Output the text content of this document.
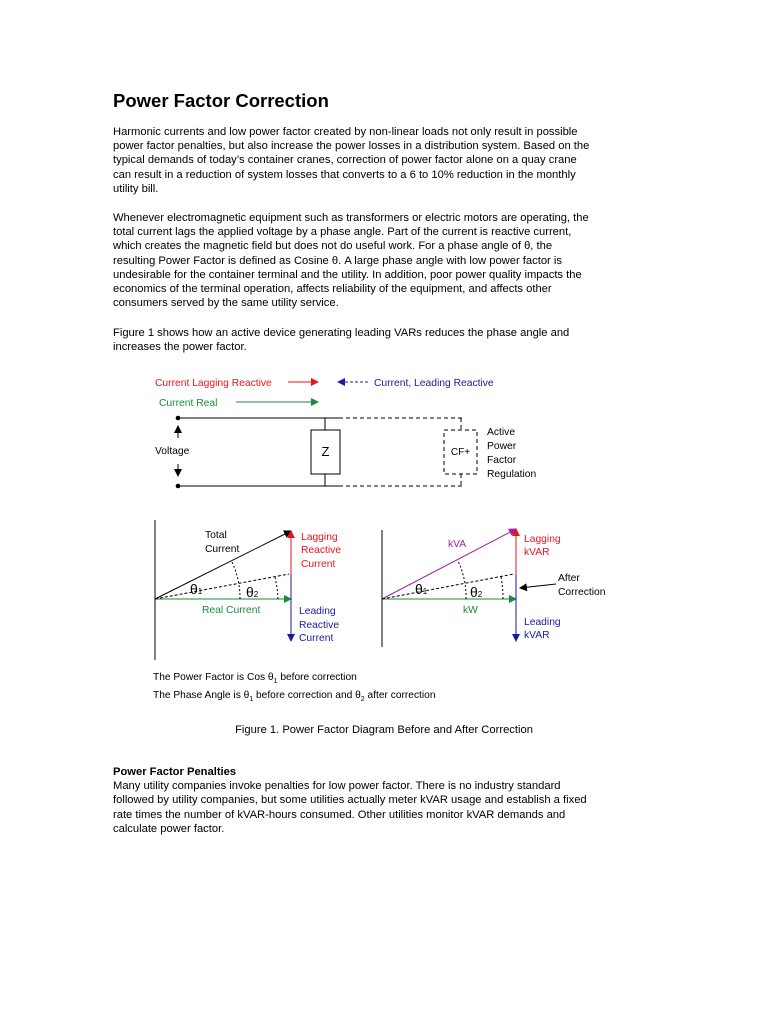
Power Factor Correction

Harmonic currents and low power factor created by non-linear loads not only result in possible
power factor penalties, but also increase the power losses in a distribution system. Based on the
typical demands of today’s container cranes, correction of power factor alone on a quay crane
can result in a reduction of system losses that converts to a 6 to 10% reduction in the monthly
utility bill.

Whenever electromagnetic equipment such as transformers or electric motors are operating, the
total current lags the applied voltage by a phase angle. Part of the current is reactive current,
which creates the magnetic field but does not do useful work. For a phase angle of θ, the
resulting Power Factor is defined as Cosine θ. A large phase angle with low power factor is
undesirable for the container terminal and the utility. In addition, poor power quality impacts the
economics of the terminal operation, affects reliability of the equipment, and affects other
consumers served by the same utility service.

Figure 1 shows how an active device generating leading VARs reduces the phase angle and
increases the power factor.

Current Lagging Reactive	Current, Leading Reactive
Current Real
Z
Voltage	CF+
Active
Power
Factor
Regulation
θ1	θ2
Total
Current
Lagging
Reactive
Current
Real Current	Leading
Reactive
Current
θ1	θ2
kVA	Lagging
kVAR
After
Correction
kW
Leading
kVAR
The Power Factor is Cos $\theta_1$ before correction
The Phase Angle is $\theta_1$ before correction and $\theta_2$ after correction
Figure 1. Power Factor Diagram Before and After Correction

Power Factor Penalties
Many utility companies invoke penalties for low power factor. There is no industry standard
followed by utility companies, but some utilities actually meter kVAR usage and establish a fixed
rate times the number of kVAR-hours consumed. Other utilities monitor kVAR demands and
calculate power factor.
